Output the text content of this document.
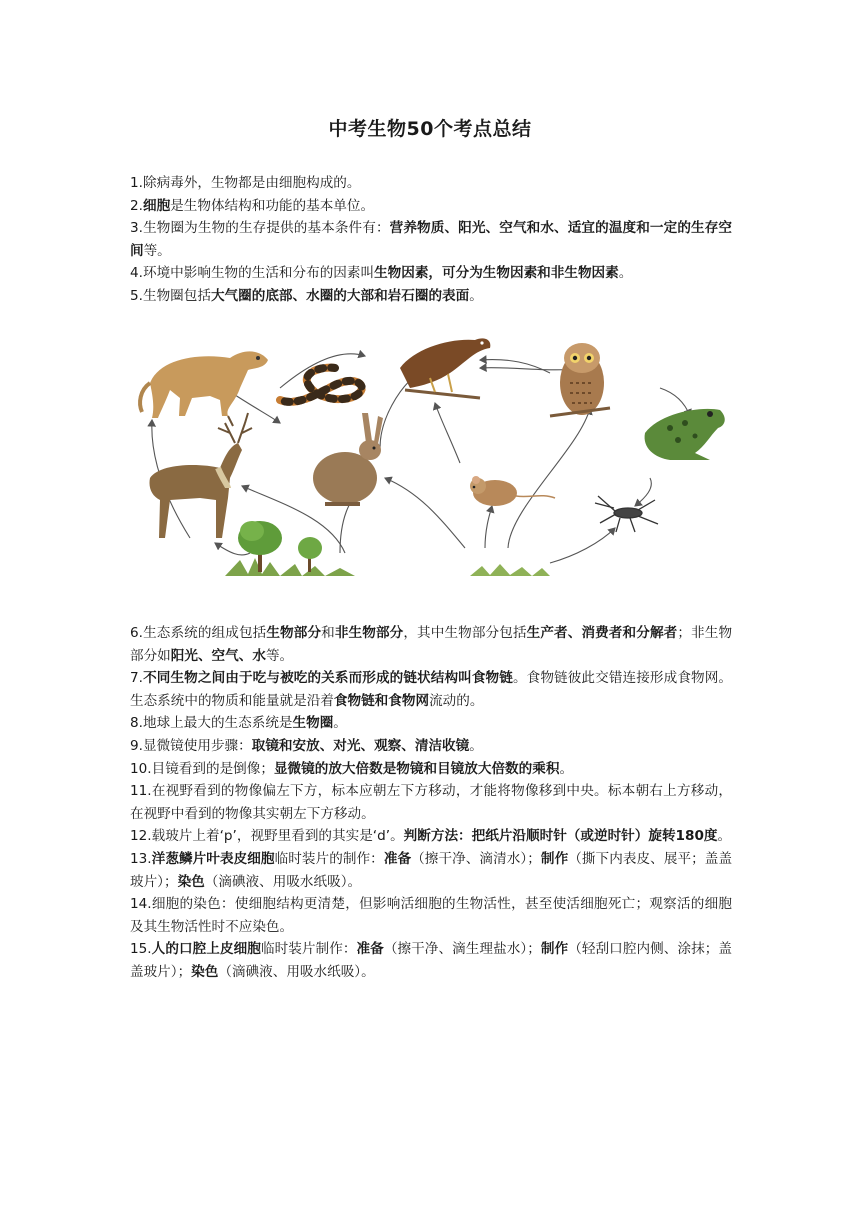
中考生物50个考点总结

1.除病毒外，生物都是由细胞构成的。

2.细胞是生物体结构和功能的基本单位。

3.生物圈为生物的生存提供的基本条件有：营养物质、阳光、空气和水、适宜的温度和一定的生存空间等。

4.环境中影响生物的生活和分布的因素叫生物因素，可分为生物因素和非生物因素。

5.生物圈包括大气圈的底部、水圈的大部和岩石圈的表面。

6.生态系统的组成包括生物部分和非生物部分，其中生物部分包括生产者、消费者和分解者；非生物部分如阳光、空气、水等。

7.不同生物之间由于吃与被吃的关系而形成的链状结构叫食物链。食物链彼此交错连接形成食物网。生态系统中的物质和能量就是沿着食物链和食物网流动的。

8.地球上最大的生态系统是生物圈。

9.显微镜使用步骤：取镜和安放、对光、观察、清洁收镜。

10.目镜看到的是倒像；显微镜的放大倍数是物镜和目镜放大倍数的乘积。

11.在视野看到的物像偏左下方，标本应朝左下方移动，才能将物像移到中央。标本朝右上方移动，在视野中看到的物像其实朝左下方移动。

12.载玻片上着‘p’，视野里看到的其实是‘d’。判断方法：把纸片沿顺时针（或逆时针）旋转180度。

13.洋葱鳞片叶表皮细胞临时装片的制作：准备（擦干净、滴清水）；制作（撕下内表皮、展平；盖盖玻片）；染色（滴碘液、用吸水纸吸）。

14.细胞的染色：使细胞结构更清楚，但影响活细胞的生物活性，甚至使活细胞死亡；观察活的细胞及其生物活性时不应染色。

15.人的口腔上皮细胞临时装片制作：准备（擦干净、滴生理盐水）；制作（轻刮口腔内侧、涂抹；盖盖玻片）；染色（滴碘液、用吸水纸吸）。
